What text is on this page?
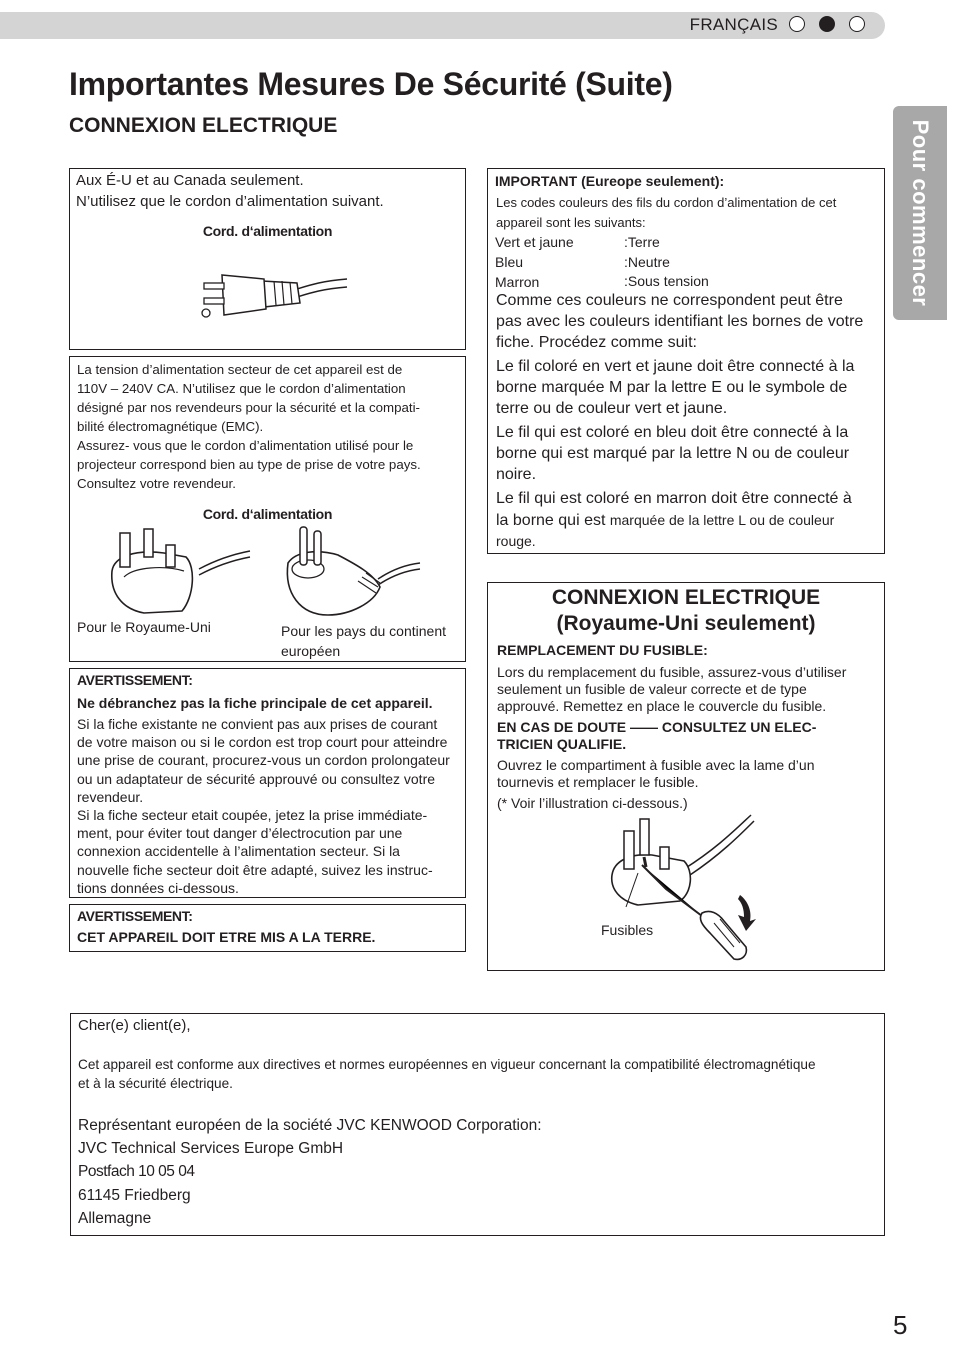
FRANÇAIS
Importantes Mesures De Sécurité (Suite)
CONNEXION ELECTRIQUE	Pour commencer

Aux É-U et au Canada seulement.

N’utilisez que le cordon d’alimentation suivant.

Cord. d‘alimentation

La tension d’alimentation secteur de cet appareil est de

110V – 240V CA. N’utilisez que le cordon d’alimentation

désigné par nos revendeurs pour la sécurité et la compati-

bilité électromagnétique (EMC).

Assurez- vous que le cordon d’alimentation utilisé pour le

projecteur correspond bien au type de prise de votre pays.

Consultez votre revendeur.

Cord. d‘alimentation

Pour le Royaume-Uni	Pour les pays du continent

européen

AVERTISSEMENT:

Ne débranchez pas la fiche principale de cet appareil.

Si la fiche existante ne convient pas aux prises de courant

de votre maison ou si le cordon est trop court pour atteindre

une prise de courant, procurez-vous un cordon prolongateur

ou un adaptateur de sécurité approuvé ou consultez votre

revendeur.

Si la fiche secteur etait coupée, jetez la prise immédiate-

ment, pour éviter tout danger d’électrocution par une

connexion accidentelle à l’alimentation secteur. Si la

nouvelle fiche secteur doit être adapté, suivez les instruc-

tions données ci-dessous.

AVERTISSEMENT:

CET APPAREIL DOIT ETRE MIS A LA TERRE.

IMPORTANT (Eureope seulement):

Les codes couleurs des fils du cordon d’alimentation de cet

appareil sont les suivants:

Vert et jaune

Bleu

Marron

:Terre

:Neutre

:Sous tension

Comme ces couleurs ne correspondent peut être

pas avec les couleurs identifiant les bornes de votre

fiche. Procédez comme suit:

Le fil coloré en vert et jaune doit être connecté à la

borne marquée M par la lettre E ou le symbole de

terre ou de couleur vert et jaune.

Le fil qui est coloré en bleu doit être connecté à la

borne qui est marqué par la lettre N ou de couleur

noire.

Le fil qui est coloré en marron doit être connecté à

la borne qui est marquée de la lettre L ou de couleur

rouge.

CONNEXION ELECTRIQUE

(Royaume-Uni seulement)

REMPLACEMENT DU FUSIBLE:

Lors du remplacement du fusible, assurez-vous d’utiliser

seulement un fusible de valeur correcte et de type

approuvé. Remettez en place le couvercle du fusible.

EN CAS DE DOUTE —— CONSULTEZ UN ELEC-

TRICIEN QUALIFIE.

Ouvrez le compartiment à fusible avec la lame d’un

tournevis et remplacer le fusible.

(* Voir l’illustration ci-dessous.)

Fusibles

Cher(e) client(e),

Cet appareil est conforme aux directives et normes européennes en vigueur concernant la compatibilité électromagnétique

et à la sécurité électrique.

Représentant européen de la société JVC KENWOOD Corporation:

JVC Technical Services Europe GmbH

Postfach 10 05 04

61145 Friedberg

Allemagne

5
